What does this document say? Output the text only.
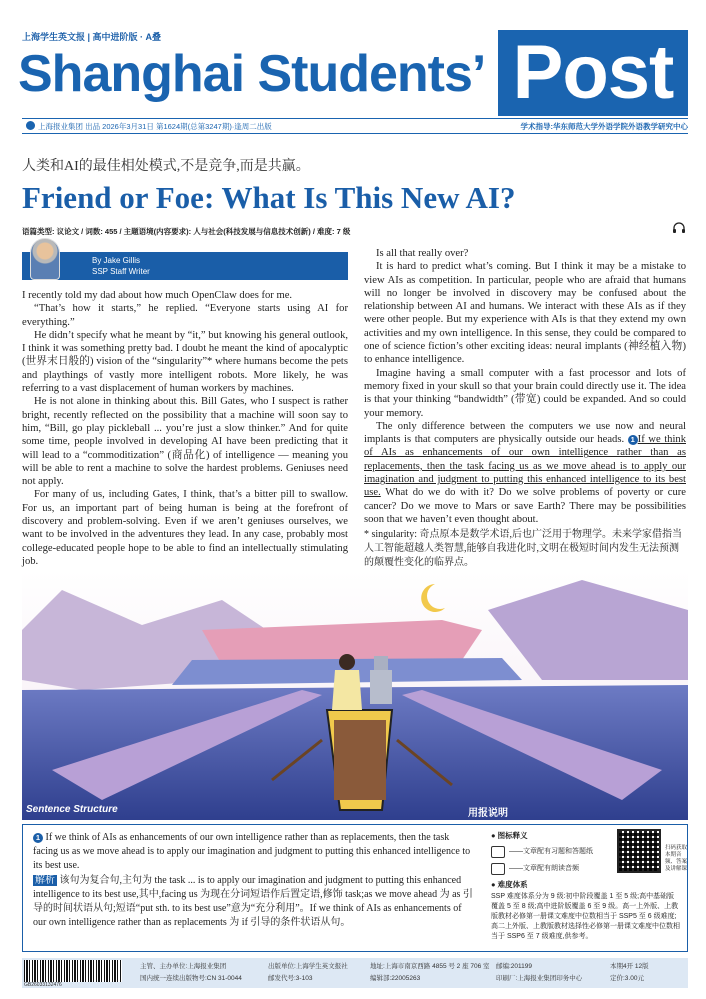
上海学生英文报 | 高中进阶版 · A叠
Shanghai Students’ Post
上海报业集团 出品 2026年3月31日 第1624期(总第3247期)·逢周二出版	学术指导:华东师范大学外语学院外语教学研究中心
人类和AI的最佳相处模式,不是竞争,而是共赢。
Friend or Foe: What Is This New AI?
语篇类型: 议论文 / 词数: 455 / 主题语境(内容要求): 人与社会(科技发展与信息技术创新) / 难度: 7 级
By Jake Gillis
SSP Staff Writer

I recently told my dad about how much OpenClaw does for me.

“That’s how it starts,” he replied. “Everyone starts using AI for everything.”

He didn’t specify what he meant by “it,” but knowing his general outlook, I think it was something pretty bad. I doubt he meant the kind of apocalyptic (世界末日般的) vision of the “singularity”* where humans become the pets and playthings of vastly more intelligent robots. More likely, he was referring to a vast displacement of human workers by machines.

He is not alone in thinking about this. Bill Gates, who I suspect is rather bright, recently reflected on the possibility that a machine will soon say to him, “Bill, go play pickleball ... you’re just a slow thinker.” And for quite some time, people involved in developing AI have been predicting that it will lead to a “commoditization” (商品化) of intelligence — meaning you will be able to rent a machine to solve the hardest problems. Geniuses need not apply.

For many of us, including Gates, I think, that’s a bitter pill to swallow. For us, an important part of being human is being at the forefront of discovery and problem-solving. Even if we aren’t geniuses ourselves, we want to be involved in the adventures they lead. In any case, probably most college-educated people hope to be able to find an intellectually stimulating job.

Is all that really over?

It is hard to predict what’s coming. But I think it may be a mistake to view AIs as competition. In particular, people who are afraid that humans will no longer be involved in discovery may be confused about the relationship between AI and humans. We interact with these AIs as if they were other people. But my experience with AIs is that they extend my own activities and my own intelligence. In this sense, they could be compared to one of science fiction’s other exciting ideas: neural implants (神经植入物) to enhance intelligence.

Imagine having a small computer with a fast processor and lots of memory fixed in your skull so that your brain could directly use it. The idea is that your thinking “bandwidth” (带宽) could be expanded. And so could your memory.

The only difference between the computers we use now and neural implants is that computers are physically outside our heads. 1 If we think of AIs as enhancements of our own intelligence rather than as replacements, then the task facing us as we move ahead is to apply our imagination and judgment to putting this enhanced intelligence to its best use. What do we do with it? Do we solve problems of poverty or cure cancer? Do we move to Mars or save Earth? There may be possibilities soon that we haven’t even thought about.

* singularity: 奇点原本是数学术语,后也广泛用于物理学。未来学家借指当人工智能超越人类智慧,能够自我进化时,文明在极短时间内发生无法预测的颠覆性变化的临界点。
Sentence Structure	用报说明

1 If we think of AIs as enhancements of our own intelligence rather than as replacements, then the task facing us as we move ahead is to apply our imagination and judgment to putting this enhanced intelligence to its best use.

解析 该句为复合句,主句为 the task ... is to apply our imagination and judgment to putting this enhanced intelligence to its best use,其中,facing us 为现在分词短语作后置定语,修饰 task;as we move ahead 为 as 引导的时间状语从句;短语“put sth. to its best use”意为“充分利用”。If we think of AIs as enhancements of our own intelligence rather than as replacements 为 if 引导的条件状语从句。

● 图标释义
——文章配有习题和答题纸
——文章配有朗读音频
● 难度体系
SSP 难度体系分为 9 级:初中阶段覆盖 1 至 5 级;高中基础版覆盖 5 至 8 级;高中进阶版覆盖 6 至 9 级。高一上外版、上教版教材必修第一册课文难度中位数相当于 SSP5 至 6 级难度;高二上外版、上教版教材选择性必修第一册课文难度中位数相当于 SSP6 至 7 级难度,供参考。
扫码获取本期音频、答案及讲解课
GB26033132476
主管、主办单位:上海报业集团
国内统一连续出版物号:CN 31-0044
出版单位:上海学生英文报社
邮发代号:3-103
地址:上海市南京西路 4855 号 2 座 706 室
编辑部:22005263
邮编:201199
印刷厂:上海报业集团印务中心
本期4开 12版
定价:3.00元
